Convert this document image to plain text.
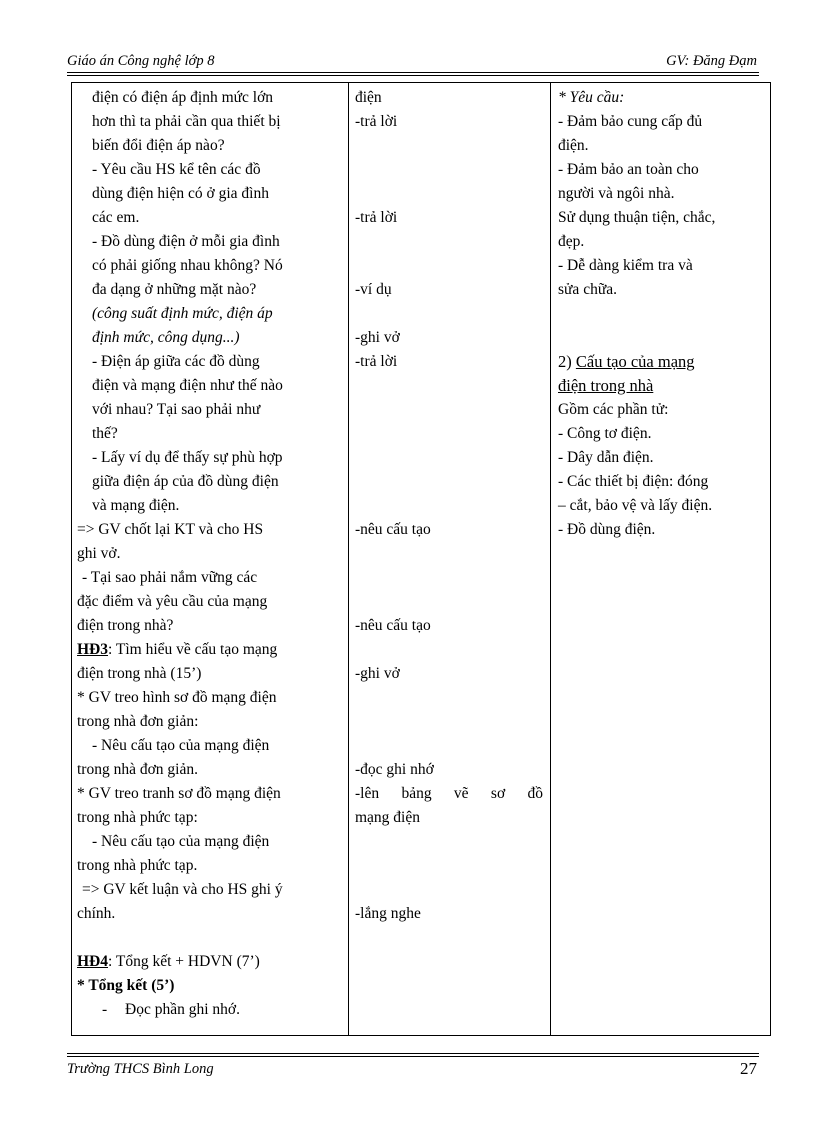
Giáo án Công nghệ lớp 8	GV: Đăng Đạm
điện có điện áp định mức lớn
hơn thì ta phải cần qua thiết bị
biến đổi điện áp nào?
- Yêu cầu HS kể tên các đồ
dùng điện hiện có ở gia đình
các em.
- Đồ dùng điện ở mỗi gia đình
có phải giống nhau không? Nó
đa dạng ở những mặt nào?
(công suất định mức, điện áp
định mức, công dụng...)
- Điện áp giữa các đồ dùng
điện và mạng điện như thế nào
với nhau? Tại sao phải như
thế?
- Lấy ví dụ để thấy sự phù hợp
giữa điện áp của đồ dùng điện
và mạng điện.
=> GV chốt lại KT và cho HS
ghi vở.
- Tại sao phải nắm vững các
đặc điểm và yêu cầu của mạng
điện trong nhà?
HĐ3: Tìm hiểu về cấu tạo mạng
điện trong nhà (15’)
* GV treo hình sơ đồ mạng điện
trong nhà đơn giản:
- Nêu cấu tạo của mạng điện
trong nhà đơn giản.
* GV treo tranh sơ đồ mạng điện
trong nhà phức tạp:
- Nêu cấu tạo của mạng điện
trong nhà phức tạp.
=> GV kết luận và cho HS ghi ý
chính.
HĐ4: Tổng kết + HDVN (7’)
* Tổng kết (5’)
- Đọc phần ghi nhớ.
điện
-trả lời
-trả lời
-ví dụ
-ghi vở
-trả lời
-nêu cấu tạo
-nêu cấu tạo
-ghi vở
-đọc ghi nhớ
-lên bảng vẽ sơ đồ
mạng điện
-lắng nghe
* Yêu cầu:
- Đảm bảo cung cấp đủ
điện.
- Đảm bảo an toàn cho
người và ngôi nhà.
Sử dụng thuận tiện, chắc,
đẹp.
- Dễ dàng kiểm tra và
sửa chữa.
2) Cấu tạo của mạng
điện trong nhà
Gồm các phần tử:
- Công tơ điện.
- Dây dẫn điện.
- Các thiết bị điện: đóng
– cắt, bảo vệ và lấy điện.
- Đồ dùng điện.
Trường THCS Bình Long	27
